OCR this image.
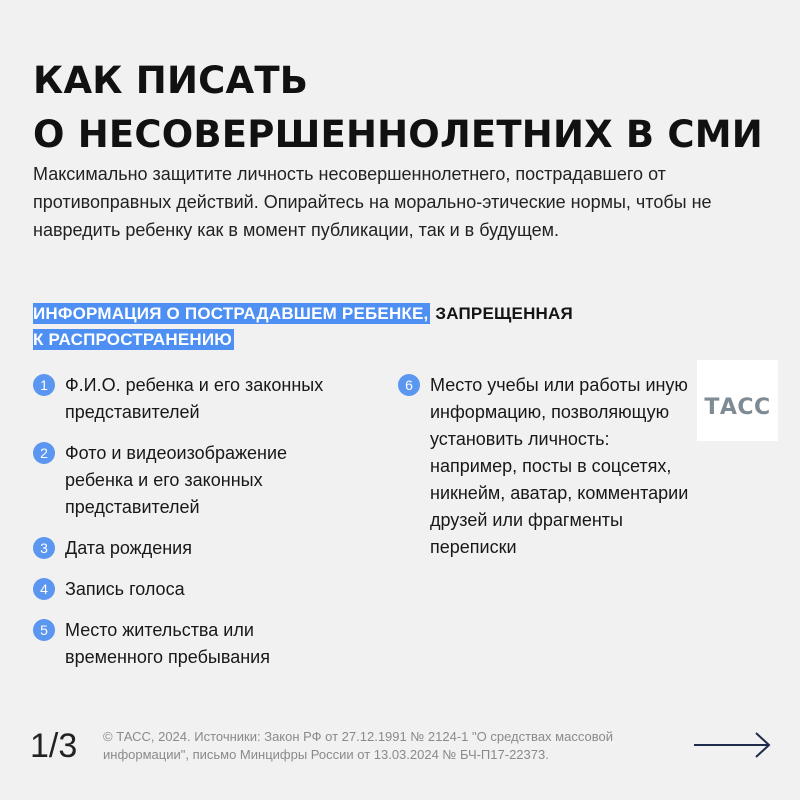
КАК ПИСАТЬ
О НЕСОВЕРШЕННОЛЕТНИХ В СМИ
Максимально защитите личность несовершеннолетнего, пострадавшего от противоправных действий. Опирайтесь на морально-этические нормы, чтобы не навредить ребенку как в момент публикации, так и в будущем.
ИНФОРМАЦИЯ О ПОСТРАДАВШЕМ РЕБЕНКЕ, ЗАПРЕЩЕННАЯ
К РАСПРОСТРАНЕНИЮ
1 Ф.И.О. ребенка и его законных представителей
2 Фото и видеоизображение ребенка и его законных представителей
3 Дата рождения
4 Запись голоса
5 Место жительства или временного пребывания
6 Место учебы или работы иную информацию, позволяющую установить личность: например, посты в соцсетях, никнейм, аватар, комментарии друзей или фрагменты переписки
ТАСС
1/3 © ТАСС, 2024. Источники: Закон РФ от 27.12.1991 № 2124-1 "О средствах массовой информации", письмо Минцифры России от 13.03.2024 № БЧ-П17-22373.
